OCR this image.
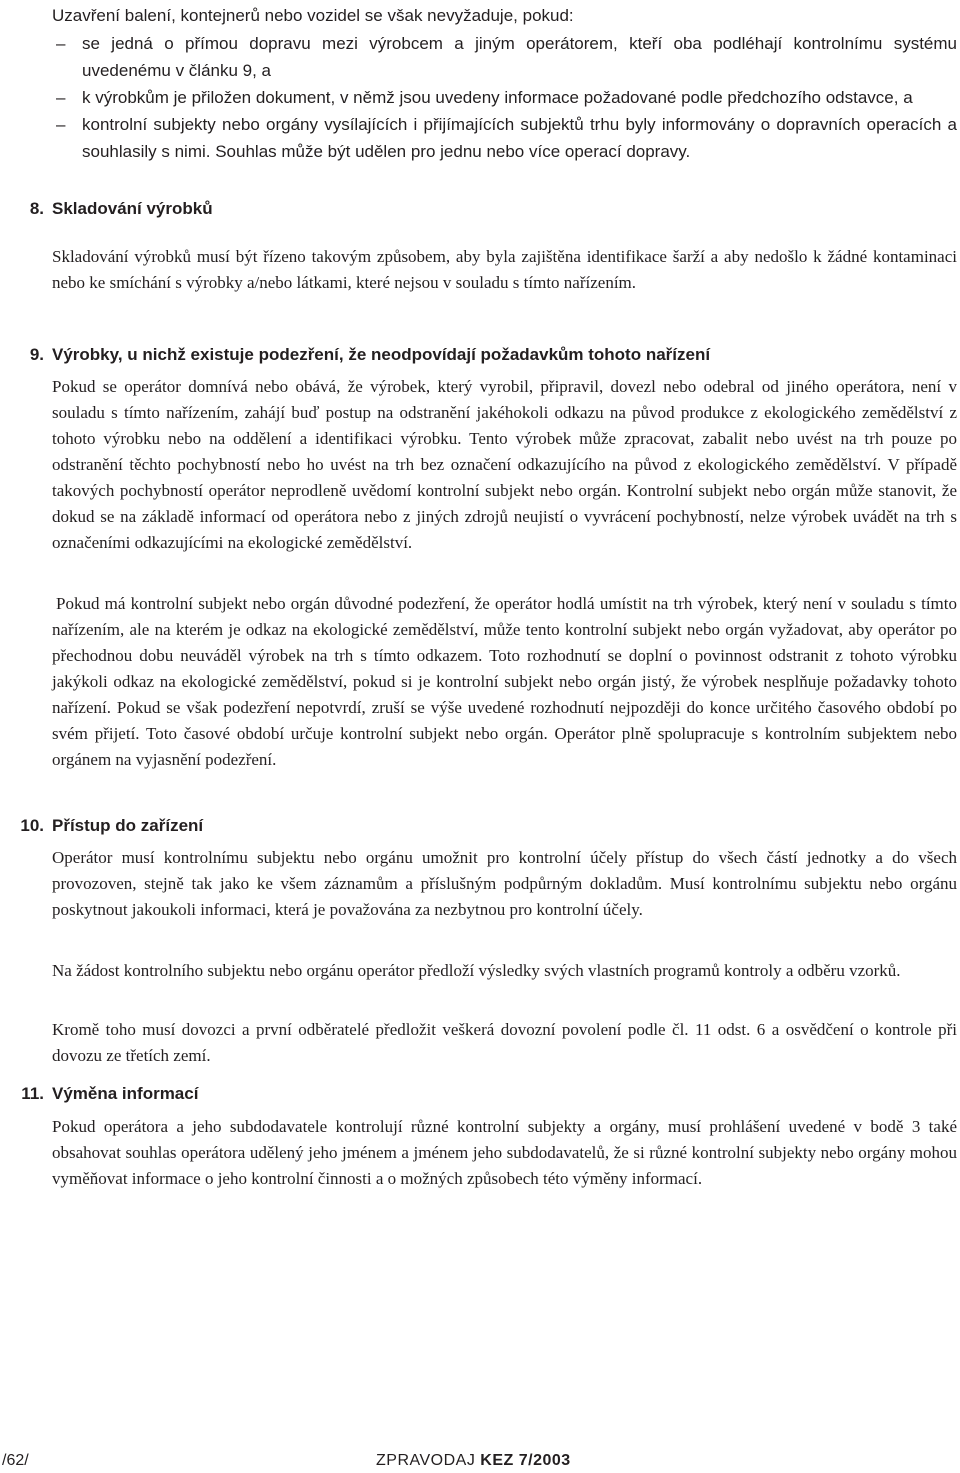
Uzavření balení, kontejnerů nebo vozidel se však nevyžaduje, pokud:
– se jedná o přímou dopravu mezi výrobcem a jiným operátorem, kteří oba podléhají kontrolnímu systému uvedenému v článku 9, a
– k výrobkům je přiložen dokument, v němž jsou uvedeny informace požadované podle předchozího odstavce, a
– kontrolní subjekty nebo orgány vysílajících i přijímajících subjektů trhu byly informovány o dopravních operacích a souhlasily s nimi. Souhlas může být udělen pro jednu nebo více operací dopravy.
8. Skladování výrobků

Skladování výrobků musí být řízeno takovým způsobem, aby byla zajištěna identifikace šarží a aby nedošlo k žádné kontaminaci nebo ke smíchání s výrobky a/nebo látkami, které nejsou v souladu s tímto nařízením.

9. Výrobky, u nichž existuje podezření, že neodpovídají požadavkům tohoto nařízení

Pokud se operátor domnívá nebo obává, že výrobek, který vyrobil, připravil, dovezl nebo odebral od jiného operátora, není v souladu s tímto nařízením, zahájí buď postup na odstranění jakéhokoli odkazu na původ produkce z ekologického zemědělství z tohoto výrobku nebo na oddělení a identifikaci výrobku. Tento výrobek může zpracovat, zabalit nebo uvést na trh pouze po odstranění těchto pochybností nebo ho uvést na trh bez označení odkazujícího na původ z ekologického zemědělství. V případě takových pochybností operátor neprodleně uvědomí kontrolní subjekt nebo orgán. Kontrolní subjekt nebo orgán může stanovit, že dokud se na základě informací od operátora nebo z jiných zdrojů neujistí o vyvrácení pochybností, nelze výrobek uvádět na trh s označeními odkazujícími na ekologické zemědělství.

Pokud má kontrolní subjekt nebo orgán důvodné podezření, že operátor hodlá umístit na trh výrobek, který není v souladu s tímto nařízením, ale na kterém je odkaz na ekologické zemědělství, může tento kontrolní subjekt nebo orgán vyžadovat, aby operátor po přechodnou dobu neuváděl výrobek na trh s tímto odkazem. Toto rozhodnutí se doplní o povinnost odstranit z tohoto výrobku jakýkoli odkaz na ekologické zemědělství, pokud si je kontrolní subjekt nebo orgán jistý, že výrobek nesplňuje požadavky tohoto nařízení. Pokud se však podezření nepotvrdí, zruší se výše uvedené rozhodnutí nejpozději do konce určitého časového období po svém přijetí. Toto časové období určuje kontrolní subjekt nebo orgán. Operátor plně spolupracuje s kontrolním subjektem nebo orgánem na vyjasnění podezření.

10. Přístup do zařízení

Operátor musí kontrolnímu subjektu nebo orgánu umožnit pro kontrolní účely přístup do všech částí jednotky a do všech provozoven, stejně tak jako ke všem záznamům a příslušným podpůrným dokladům. Musí kontrolnímu subjektu nebo orgánu poskytnout jakoukoli informaci, která je považována za nezbytnou pro kontrolní účely.

Na žádost kontrolního subjektu nebo orgánu operátor předloží výsledky svých vlastních programů kontroly a odběru vzorků.

Kromě toho musí dovozci a první odběratelé předložit veškerá dovozní povolení podle čl. 11 odst. 6 a osvědčení o kontrole při dovozu ze třetích zemí.

11. Výměna informací

Pokud operátora a jeho subdodavatele kontrolují různé kontrolní subjekty a orgány, musí prohlášení uvedené v bodě 3 také obsahovat souhlas operátora udělený jeho jménem a jménem jeho subdodavatelů, že si různé kontrolní subjekty nebo orgány mohou vyměňovat informace o jeho kontrolní činnosti a o možných způsobech této výměny informací.

/62/	ZPRAVODAJ KEZ 7/2003
